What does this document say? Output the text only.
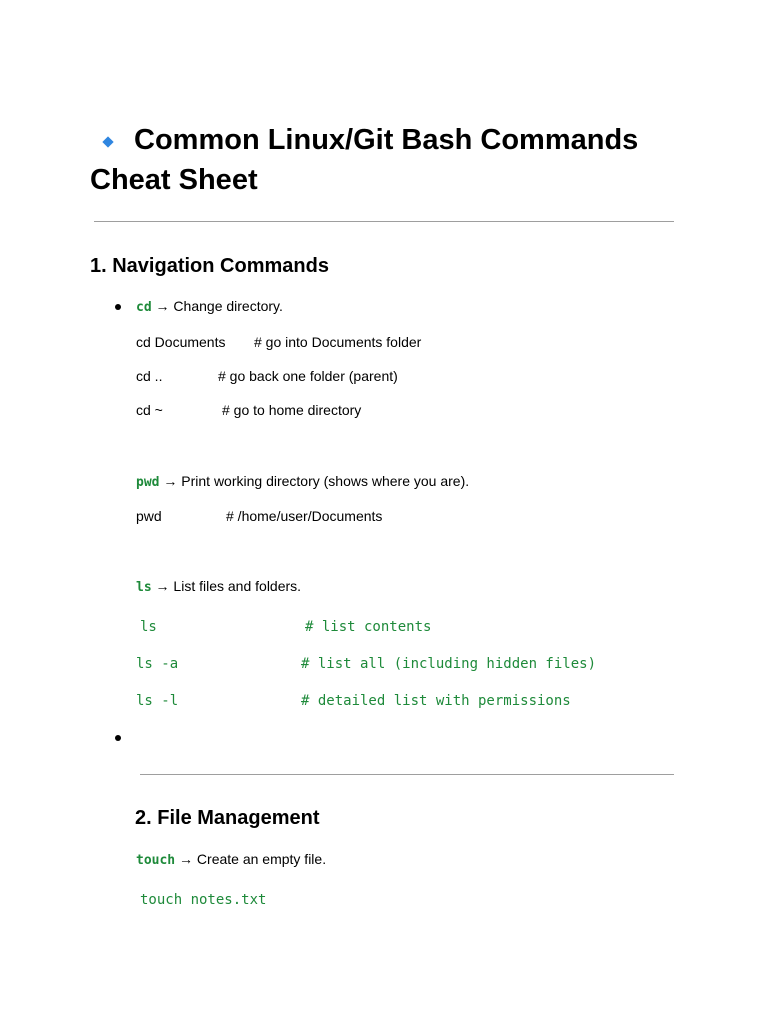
Common Linux/Git Bash Commands
Cheat Sheet
1. Navigation Commands
cd → Change directory.
cd Documents # go into Documents folder
cd ..	# go back one folder (parent)
cd ~	# go to home directory
pwd → Print working directory (shows where you are).
pwd	# /home/user/Documents
ls → List files and folders.
ls	# list contents
ls -a	# list all (including hidden files)
ls -l	# detailed list with permissions
2. File Management
touch → Create an empty file.
touch notes.txt
